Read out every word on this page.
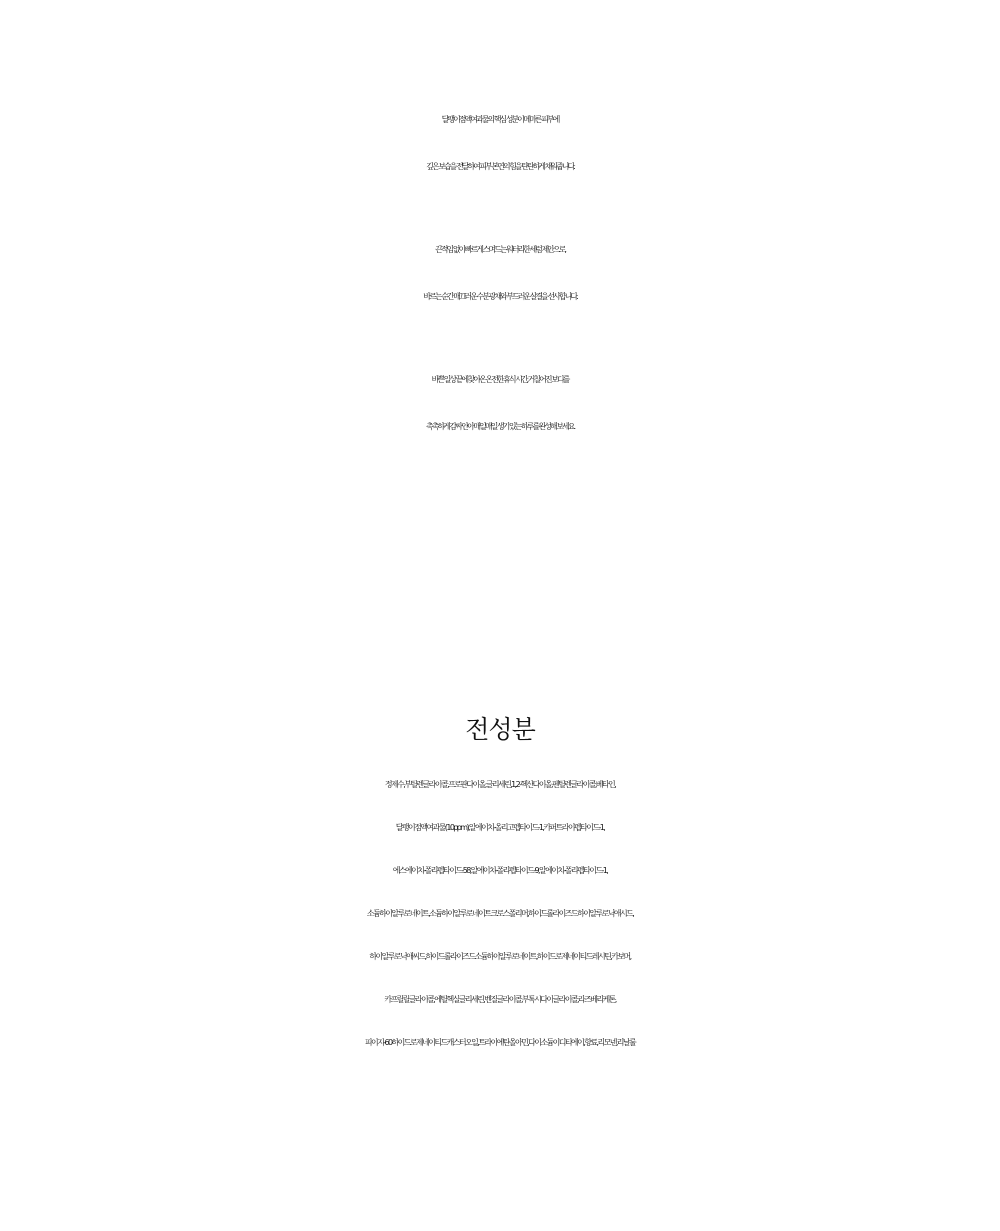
달팽이점액여과물의 핵심 성분이 메마른 피부에
깊은 보습을 전달하여 피부 본연의 힘을 탄탄하게 채워줍니다.

끈적임 없이 빠르게 스며드는 워터리한 세럼 제안으로,
바르는 순간 매끄러운 수분 광채와 부드러운 살결을 선사합니다.

바쁜 일상 끝에 찾아온 온전한 휴식 시간, 거칠어진 보디를
촉촉하게 감싸 안아 매일매일 생기 있는 하루를 완성해 보세요.

전성분
정제수,부틸렌글라이콜,프로판다이올,글리세린,1,2-헥산다이올,펜틸렌글라이콜,베타인,
달팽이점액여과물(10ppm),알에이치-올리고펩타이드-1,카퍼트라이펩타이드-1,
에스에이치-폴리펩타이드-58,알에이치-폴리펩타이드-9,알에이치-폴리펩타이드-1,
소듐하이알루로네이트,소듐하이알루로네이트크로스폴리머,하이드롤라이즈드하이알루로닉애시드,
하이알루로닉애씨드,하이드롤라이즈드소듐하이알루로네이트,하이드로제네이티드레시틴,카보머,
카프릴릴글라이콜,에틸헥실글리세린,벤질글라이콜,부톡시다이글라이콜,라즈베리케톤,
피이지-60하이드로제네이티드캐스터오일,트라이에탄올아민,다이소듐이디티에이,향료,리모넨,리날룰
